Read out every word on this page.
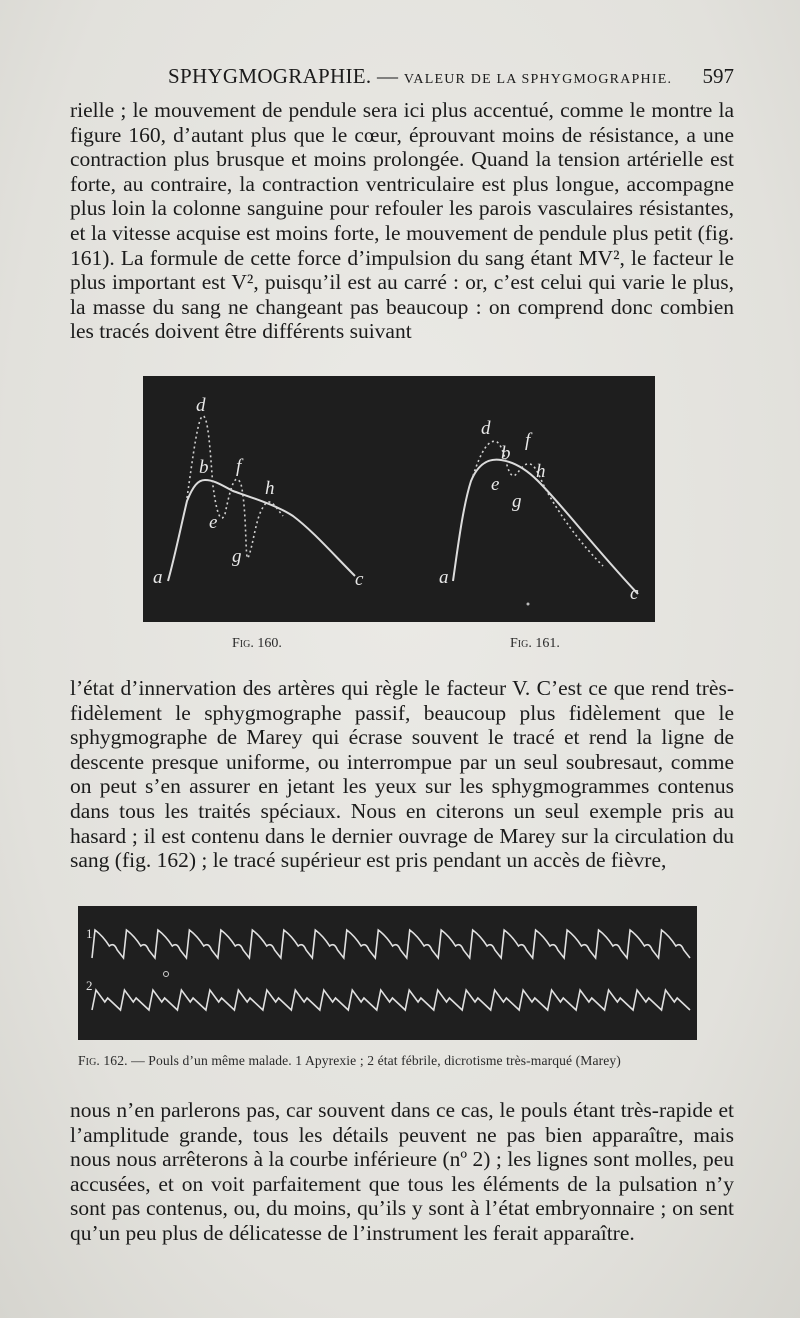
SPHYGMOGRAPHIE. — VALEUR DE LA SPHYGMOGRAPHIE. 597

rielle ; le mouvement de pendule sera ici plus accentué, comme le montre la figure 160, d’autant plus que le cœur, éprouvant moins de résistance, a une contraction plus brusque et moins prolongée. Quand la tension artérielle est forte, au contraire, la contraction ventriculaire est plus longue, accompagne plus loin la colonne sanguine pour refouler les parois vasculaires résistantes, et la vitesse acquise est moins forte, le mouvement de pendule plus petit (fig. 161). La formule de cette force d’impulsion du sang étant MV², le facteur le plus important est V², puisqu’il est au carré : or, c’est celui qui varie le plus, la masse du sang ne changeant pas beaucoup : on comprend donc combien les tracés doivent être différents suivant

a
b
c
d
e
f
g
h
a
b
c
d
e
f
g
h
Fig. 160.	Fig. 161.

l’état d’innervation des artères qui règle le facteur V. C’est ce que rend très-fidèlement le sphygmographe passif, beaucoup plus fidèlement que le sphygmographe de Marey qui écrase souvent le tracé et rend la ligne de descente presque uniforme, ou interrompue par un seul soubresaut, comme on peut s’en assurer en jetant les yeux sur les sphygmogrammes contenus dans tous les traités spéciaux. Nous en citerons un seul exemple pris au hasard ; il est contenu dans le dernier ouvrage de Marey sur la circulation du sang (fig. 162) ; le tracé supérieur est pris pendant un accès de fièvre,

1
2
Fig. 162. — Pouls d’un même malade. 1 Apyrexie ; 2 état fébrile, dicrotisme très-marqué (Marey)

nous n’en parlerons pas, car souvent dans ce cas, le pouls étant très-rapide et l’amplitude grande, tous les détails peuvent ne pas bien apparaître, mais nous nous arrêterons à la courbe inférieure (nº 2) ; les lignes sont molles, peu accusées, et on voit parfaitement que tous les éléments de la pulsation n’y sont pas contenus, ou, du moins, qu’ils y sont à l’état embryonnaire ; on sent qu’un peu plus de délicatesse de l’instrument les ferait apparaître.
